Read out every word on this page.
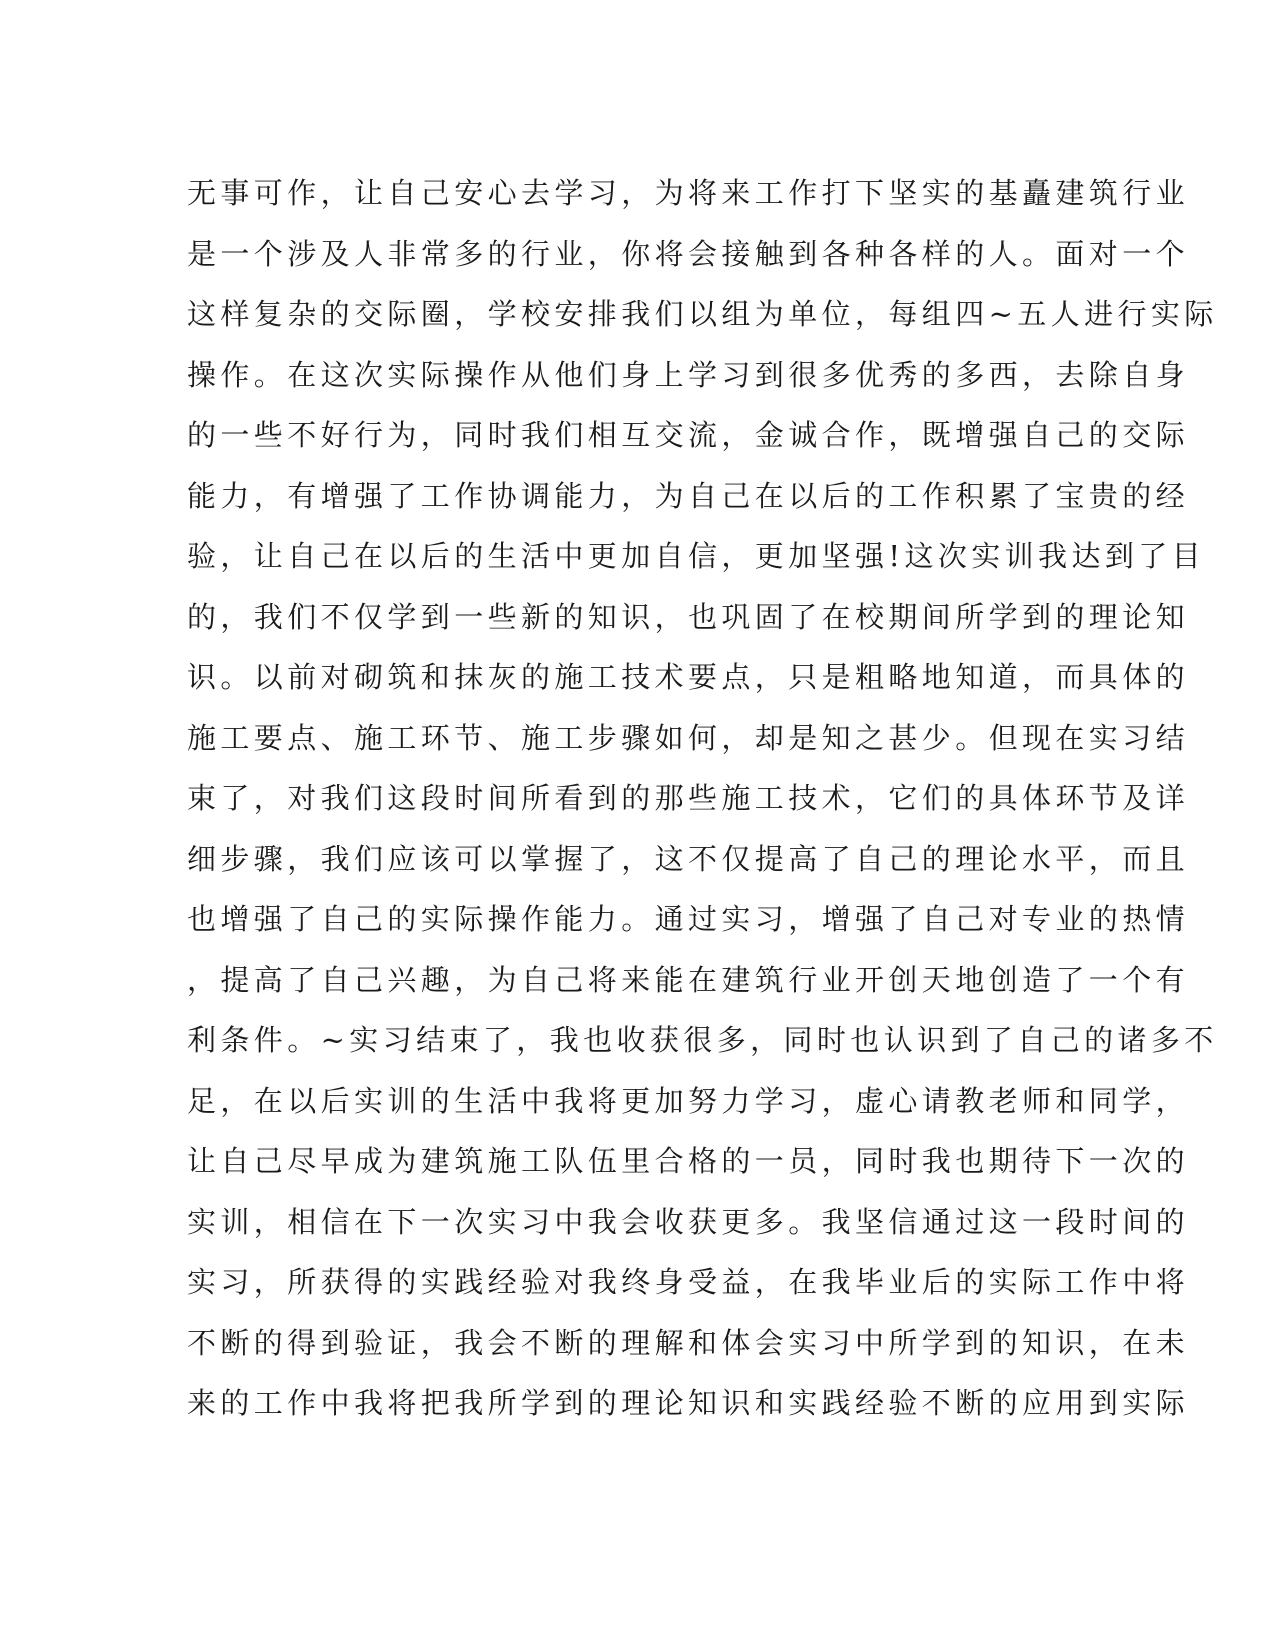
无事可作，让自己安心去学习，为将来工作打下坚实的基矗建筑行业
是一个涉及人非常多的行业，你将会接触到各种各样的人。面对一个
这样复杂的交际圈，学校安排我们以组为单位，每组四~五人进行实际
操作。在这次实际操作从他们身上学习到很多优秀的多西，去除自身
的一些不好行为，同时我们相互交流，金诚合作，既增强自己的交际
能力，有增强了工作协调能力，为自己在以后的工作积累了宝贵的经
验，让自己在以后的生活中更加自信，更加坚强!这次实训我达到了目
的，我们不仅学到一些新的知识，也巩固了在校期间所学到的理论知
识。以前对砌筑和抹灰的施工技术要点，只是粗略地知道，而具体的
施工要点、施工环节、施工步骤如何，却是知之甚少。但现在实习结
束了，对我们这段时间所看到的那些施工技术，它们的具体环节及详
细步骤，我们应该可以掌握了，这不仅提高了自己的理论水平，而且
也增强了自己的实际操作能力。通过实习，增强了自己对专业的热情
，提高了自己兴趣，为自己将来能在建筑行业开创天地创造了一个有
利条件。~实习结束了，我也收获很多，同时也认识到了自己的诸多不
足，在以后实训的生活中我将更加努力学习，虚心请教老师和同学，
让自己尽早成为建筑施工队伍里合格的一员，同时我也期待下一次的
实训，相信在下一次实习中我会收获更多。我坚信通过这一段时间的
实习，所获得的实践经验对我终身受益，在我毕业后的实际工作中将
不断的得到验证，我会不断的理解和体会实习中所学到的知识，在未
来的工作中我将把我所学到的理论知识和实践经验不断的应用到实际
